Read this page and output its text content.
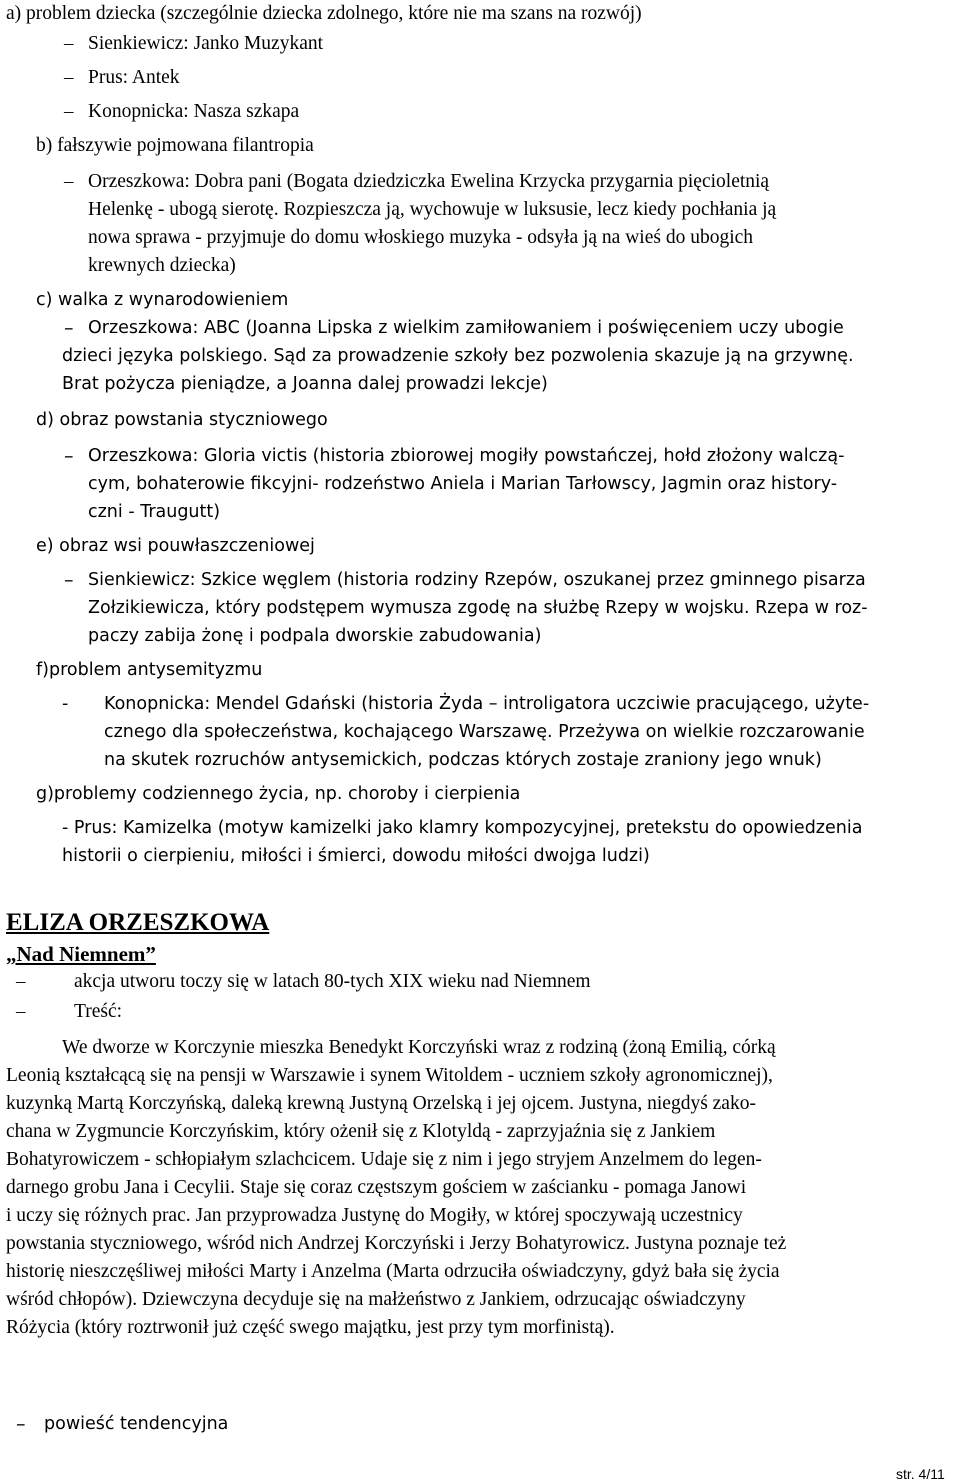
a) problem dziecka (szczególnie dziecka zdolnego, które nie ma szans na rozwój)
–
Sienkiewicz: Janko Muzykant
–
Prus: Antek
–
Konopnicka: Nasza szkapa
b) fałszywie pojmowana filantropia
–
Orzeszkowa: Dobra pani (Bogata dziedziczka Ewelina Krzycka przygarnia pięcioletnią
Helenkę - ubogą sierotę. Rozpieszcza ją, wychowuje w luksusie, lecz kiedy pochłania ją
nowa sprawa - przyjmuje do domu włoskiego muzyka - odsyła ją na wieś do ubogich
krewnych dziecka)
c) walka z wynarodowieniem
–
Orzeszkowa: ABC (Joanna Lipska z wielkim zamiłowaniem i poświęceniem uczy ubogie
dzieci języka polskiego. Sąd za prowadzenie szkoły bez pozwolenia skazuje ją na grzywnę.
Brat pożycza pieniądze, a Joanna dalej prowadzi lekcje)
d) obraz powstania styczniowego
–
Orzeszkowa: Gloria victis (historia zbiorowej mogiły powstańczej, hołd złożony walczą-
cym, bohaterowie fikcyjni- rodzeństwo Aniela i Marian Tarłowscy, Jagmin oraz history-
czni - Traugutt)
e) obraz wsi pouwłaszczeniowej
–
Sienkiewicz: Szkice węglem (historia rodziny Rzepów, oszukanej przez gminnego pisarza
Zołzikiewicza, który podstępem wymusza zgodę na służbę Rzepy w wojsku. Rzepa w roz-
paczy zabija żonę i podpala dworskie zabudowania)
f)problem antysemityzmu
- Konopnicka: Mendel Gdański (historia Żyda – introligatora uczciwie pracującego, użyte-
cznego dla społeczeństwa, kochającego Warszawę. Przeżywa on wielkie rozczarowanie
na skutek rozruchów antysemickich, podczas których zostaje zraniony jego wnuk)
g)problemy codziennego życia, np. choroby i cierpienia
- Prus: Kamizelka (motyw kamizelki jako klamry kompozycyjnej, pretekstu do opowiedzenia
historii o cierpieniu, miłości i śmierci, dowodu miłości dwojga ludzi)
ELIZA ORZESZKOWA
„Nad Niemnem”
–
akcja utworu toczy się w latach 80-tych XIX wieku nad Niemnem
–
Treść:
We dworze w Korczynie mieszka Benedykt Korczyński wraz z rodziną (żoną Emilią, córką
Leonią kształcącą się na pensji w Warszawie i synem Witoldem - uczniem szkoły agronomicznej),
kuzynką Martą Korczyńską, daleką krewną Justyną Orzelską i jej ojcem. Justyna, niegdyś zako-
chana w Zygmuncie Korczyńskim, który ożenił się z Klotyldą - zaprzyjaźnia się z Jankiem
Bohatyrowiczem - schłopiałym szlachcicem. Udaje się z nim i jego stryjem Anzelmem do legen-
darnego grobu Jana i Cecylii. Staje się coraz częstszym gościem w zaścianku - pomaga Janowi
i uczy się różnych prac. Jan przyprowadza Justynę do Mogiły, w której spoczywają uczestnicy
powstania styczniowego, wśród nich Andrzej Korczyński i Jerzy Bohatyrowicz. Justyna poznaje też
historię nieszczęśliwej miłości Marty i Anzelma (Marta odrzuciła oświadczyny, gdyż bała się życia
wśród chłopów). Dziewczyna decyduje się na małżeństwo z Jankiem, odrzucając oświadczyny
Różycia (który roztrwonił już część swego majątku, jest przy tym morfinistą).
–
powieść tendencyjna
str. 4/11
